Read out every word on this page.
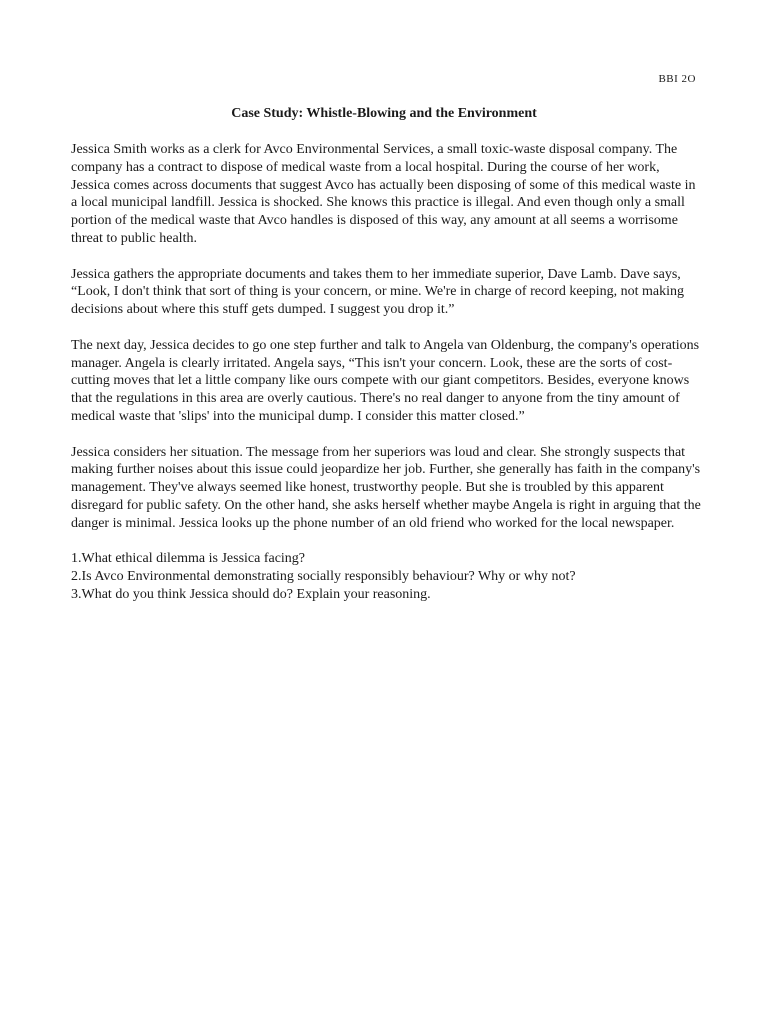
BBI 2O
Case Study: Whistle-Blowing and the Environment

Jessica Smith works as a clerk for Avco Environmental Services, a small toxic-waste disposal company. The company has a contract to dispose of medical waste from a local hospital. During the course of her work, Jessica comes across documents that suggest Avco has actually been disposing of some of this medical waste in a local municipal landfill. Jessica is shocked. She knows this practice is illegal. And even though only a small portion of the medical waste that Avco handles is disposed of this way, any amount at all seems a worrisome threat to public health.

Jessica gathers the appropriate documents and takes them to her immediate superior, Dave Lamb. Dave says, “Look, I don't think that sort of thing is your concern, or mine. We're in charge of record keeping, not making decisions about where this stuff gets dumped. I suggest you drop it.”

The next day, Jessica decides to go one step further and talk to Angela van Oldenburg, the company's operations manager. Angela is clearly irritated. Angela says, “This isn't your concern. Look, these are the sorts of cost-cutting moves that let a little company like ours compete with our giant competitors. Besides, everyone knows that the regulations in this area are overly cautious. There's no real danger to anyone from the tiny amount of medical waste that 'slips' into the municipal dump. I consider this matter closed.”

Jessica considers her situation. The message from her superiors was loud and clear. She strongly suspects that making further noises about this issue could jeopardize her job. Further, she generally has faith in the company's management. They've always seemed like honest, trustworthy people. But she is troubled by this apparent disregard for public safety. On the other hand, she asks herself whether maybe Angela is right in arguing that the danger is minimal. Jessica looks up the phone number of an old friend who worked for the local newspaper.

1.What ethical dilemma is Jessica facing?
2.Is Avco Environmental demonstrating socially responsibly behaviour? Why or why not?
3.What do you think Jessica should do? Explain your reasoning.
